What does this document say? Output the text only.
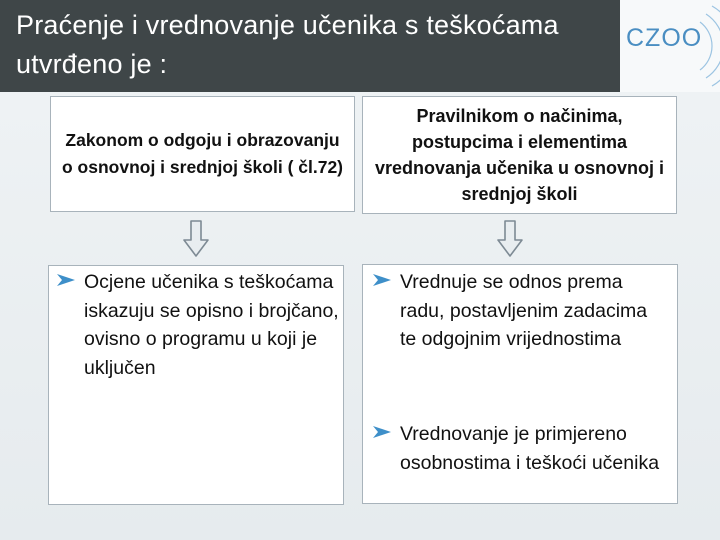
Praćenje i vrednovanje učenika s teškoćama utvrđeno je :
CZOO
Zakonom o odgoju i obrazovanju o osnovnoj i srednjoj školi ( čl.72)
Pravilnikom o načinima, postupcima i elementima vrednovanja učenika u osnovnoj i srednjoj školi
Ocjene učenika s teškoćama iskazuju se opisno i brojčano, ovisno o programu u koji je uključen
Vrednuje se odnos prema radu, postavljenim zadacima te odgojnim vrijednostima
Vrednovanje je primjereno osobnostima i teškoći učenika
